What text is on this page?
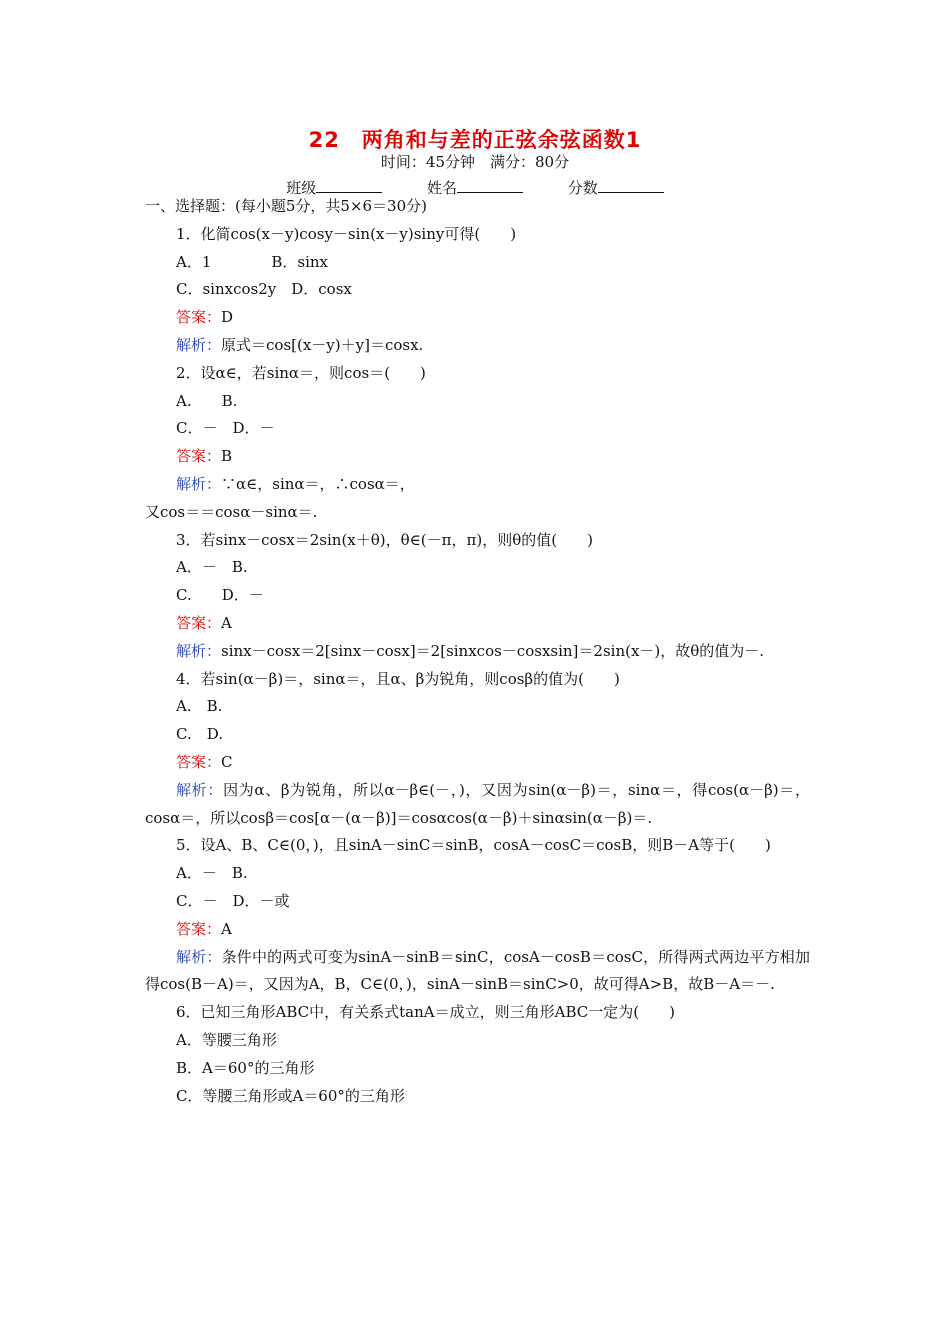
22　两角和与差的正弦余弦函数1
时间：45分钟　满分：80分
班级	姓名	分数
一、选择题：(每小题5分，共5×6＝30分)
1．化简cos(x－y)cosy－sin(x－y)siny可得(　　)
A．1　　　　B．sinx
C．sinxcos2y　D．cosx
答案：D
解析：原式＝cos[(x－y)＋y]＝cosx.
2．设α∈，若sinα＝，则cos＝(　　)
A.　　B.
C．－　D．－
答案：B
解析：∵α∈，sinα＝，∴cosα＝，
又cos＝＝cosα－sinα＝.
3．若sinx－cosx＝2sin(x＋θ)，θ∈(－π，π)，则θ的值(　　)
A．－　B.
C.　　D．－
答案：A
解析：sinx－cosx＝2[sinx－cosx]＝2[sinxcos－cosxsin]＝2sin(x－)，故θ的值为－.
4．若sin(α－β)＝，sinα＝，且α、β为锐角，则cosβ的值为(　　)
A.　B.
C.　D.
答案：C
解析：因为α、β为锐角，所以α－β∈(－，)，又因为sin(α－β)＝，sinα＝，得cos(α－β)＝，cosα＝，所以cosβ＝cos[α－(α－β)]＝cosαcos(α－β)＋sinαsin(α－β)＝.
5．设A、B、C∈(0，)，且sinA－sinC＝sinB，cosA－cosC＝cosB，则B－A等于(　　)
A．－　B.
C．－　D．－或
答案：A
解析：条件中的两式可变为sinA－sinB＝sinC，cosA－cosB＝cosC，所得两式两边平方相加得cos(B－A)＝，又因为A，B，C∈(0，)，sinA－sinB＝sinC>0，故可得A>B，故B－A＝－.
6．已知三角形ABC中，有关系式tanA＝成立，则三角形ABC一定为(　　)
A．等腰三角形
B．A＝60°的三角形
C．等腰三角形或A＝60°的三角形
